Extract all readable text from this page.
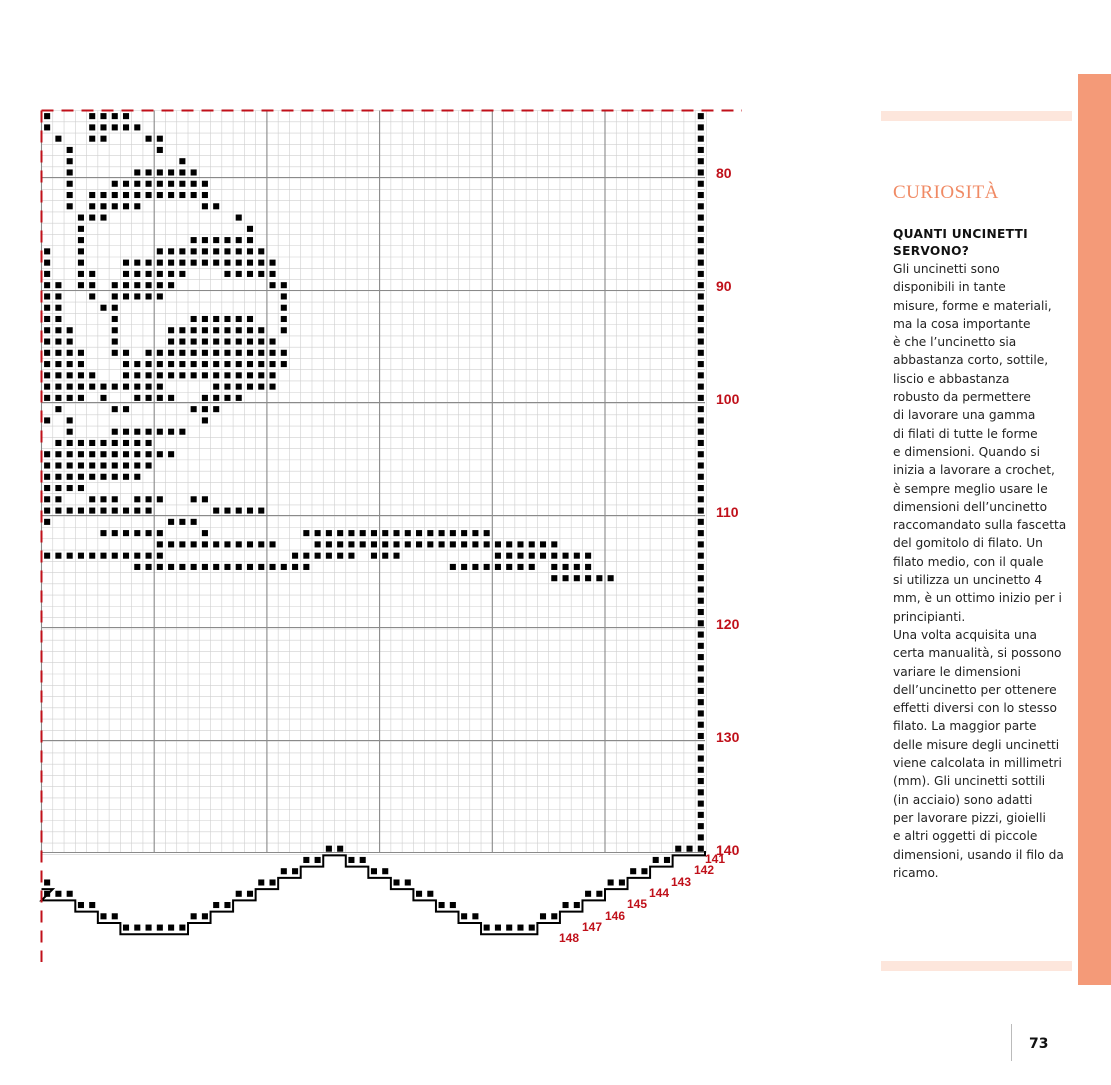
80
90
100
110
120
130
140
141
142
143
144
145
146
147
148
CURIOSITÀ
QUANTI UNCINETTI
SERVONO?
Gli uncinetti sono
disponibili in tante
misure, forme e materiali,
ma la cosa importante
è che l’uncinetto sia
abbastanza corto, sottile,
liscio e abbastanza
robusto da permettere
di lavorare una gamma
di filati di tutte le forme
e dimensioni. Quando si
inizia a lavorare a crochet,
è sempre meglio usare le
dimensioni dell’uncinetto
raccomandato sulla fascetta
del gomitolo di filato. Un
filato medio, con il quale
si utilizza un uncinetto 4
mm, è un ottimo inizio per i
principianti.
Una volta acquisita una
certa manualità, si possono
variare le dimensioni
dell’uncinetto per ottenere
effetti diversi con lo stesso
filato. La maggior parte
delle misure degli uncinetti
viene calcolata in millimetri
(mm). Gli uncinetti sottili
(in acciaio) sono adatti
per lavorare pizzi, gioielli
e altri oggetti di piccole
dimensioni, usando il filo da
ricamo.
73
